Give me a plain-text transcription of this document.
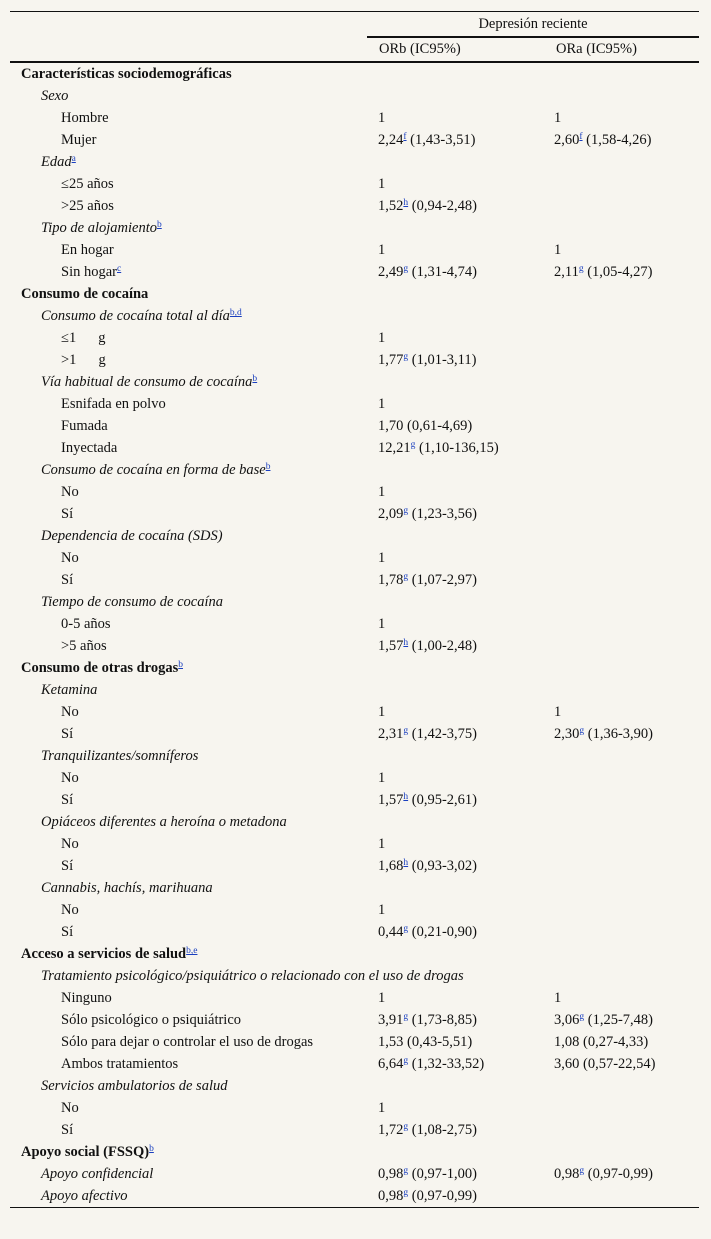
	Depresión reciente	
	ORb (IC95%)	ORa (IC95%)
Características sociodemográficas		
Sexo		
Hombre	1	1
Mujer	2,24$^f$ (1,43-3,51)	2,60$^f$ (1,58-4,26)
Edad$^a$		
≤25 años	1	
>25 años	1,52$^h$ (0,94-2,48)	
Tipo de alojamiento$^b$		
En hogar	1	1
Sin hogar$^c$	2,49$^g$ (1,31-4,74)	2,11$^g$ (1,05-4,27)
Consumo de cocaína		
Consumo de cocaína total al día$^{b,d}$		
≤1 g	1	
>1 g	1,77$^g$ (1,01-3,11)	
Vía habitual de consumo de cocaína$^b$		
Esnifada en polvo	1	
Fumada	1,70 (0,61-4,69)	
Inyectada	12,21$^g$ (1,10-136,15)	
Consumo de cocaína en forma de base$^b$		
No	1	
Sí	2,09$^g$ (1,23-3,56)	
Dependencia de cocaína (SDS)		
No	1	
Sí	1,78$^g$ (1,07-2,97)	
Tiempo de consumo de cocaína		
0-5 años	1	
>5 años	1,57$^h$ (1,00-2,48)	
Consumo de otras drogas$^b$		
Ketamina		
No	1	1
Sí	2,31$^g$ (1,42-3,75)	2,30$^g$ (1,36-3,90)
Tranquilizantes/somníferos		
No	1	
Sí	1,57$^h$ (0,95-2,61)	
Opiáceos diferentes a heroína o metadona		
No	1	
Sí	1,68$^h$ (0,93-3,02)	
Cannabis, hachís, marihuana		
No	1	
Sí	0,44$^g$ (0,21-0,90)	
Acceso a servicios de salud$^{b,e}$		
Tratamiento psicológico/psiquiátrico o relacionado con el uso de drogas		
Ninguno	1	1
Sólo psicológico o psiquiátrico	3,91$^g$ (1,73-8,85)	3,06$^g$ (1,25-7,48)
Sólo para dejar o controlar el uso de drogas	1,53 (0,43-5,51)	1,08 (0,27-4,33)
Ambos tratamientos	6,64$^g$ (1,32-33,52)	3,60 (0,57-22,54)
Servicios ambulatorios de salud		
No	1	
Sí	1,72$^g$ (1,08-2,75)	
Apoyo social (FSSQ)$^b$		
Apoyo confidencial	0,98$^g$ (0,97-1,00)	0,98$^g$ (0,97-0,99)
Apoyo afectivo	0,98$^g$ (0,97-0,99)	
